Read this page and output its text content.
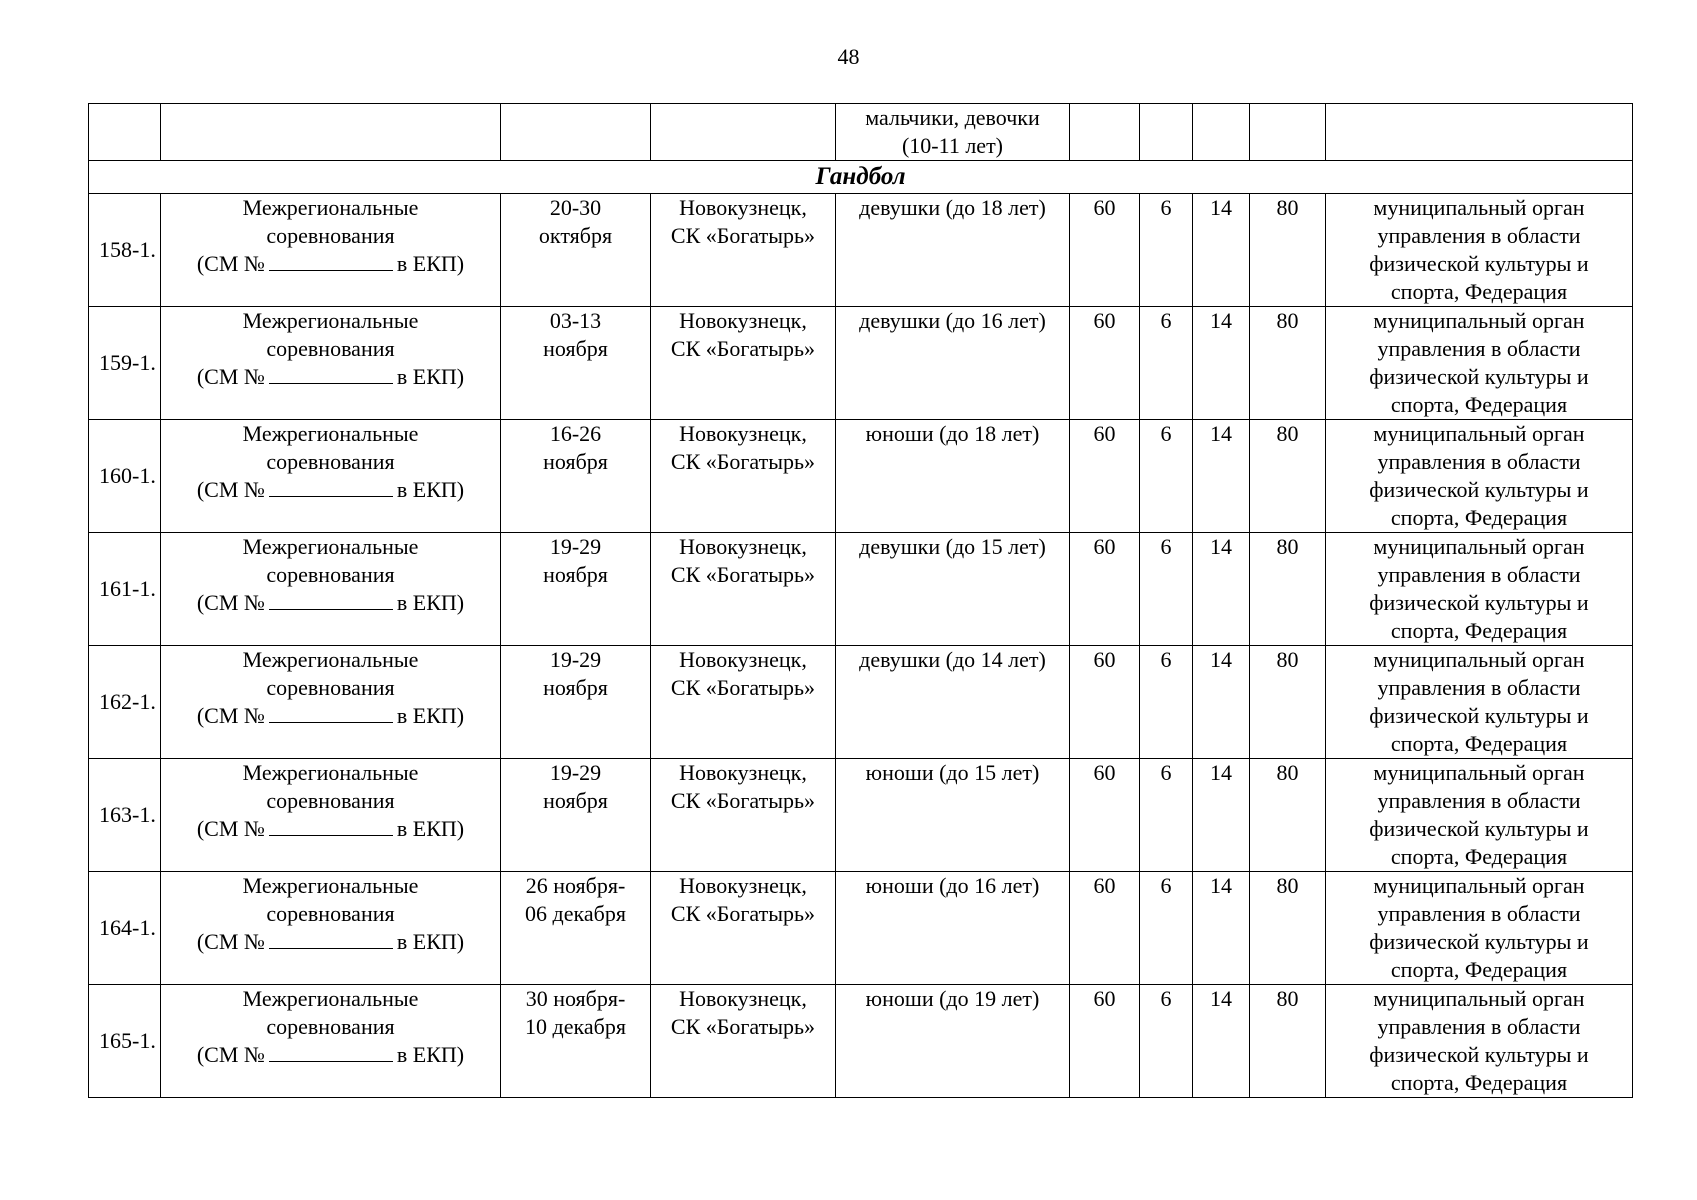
48

				мальчики, девочки
(10-11 лет)					

Гандбол									
158-1.	Межрегиональные
соревнования
(СМ № в ЕКП)	20-30
октября	Новокузнецк,
СК «Богатырь»	девушки (до 18 лет)	60	6	14	80	муниципальный орган
управления в области
физической культуры и
спорта, Федерация

159-1.	Межрегиональные
соревнования
(СМ № в ЕКП)	03-13
ноября	Новокузнецк,
СК «Богатырь»	девушки (до 16 лет)	60	6	14	80	муниципальный орган
управления в области
физической культуры и
спорта, Федерация

160-1.	Межрегиональные
соревнования
(СМ № в ЕКП)	16-26
ноября	Новокузнецк,
СК «Богатырь»	юноши (до 18 лет)	60	6	14	80	муниципальный орган
управления в области
физической культуры и
спорта, Федерация

161-1.	Межрегиональные
соревнования
(СМ № в ЕКП)	19-29
ноября	Новокузнецк,
СК «Богатырь»	девушки (до 15 лет)	60	6	14	80	муниципальный орган
управления в области
физической культуры и
спорта, Федерация

162-1.	Межрегиональные
соревнования
(СМ № в ЕКП)	19-29
ноября	Новокузнецк,
СК «Богатырь»	девушки (до 14 лет)	60	6	14	80	муниципальный орган
управления в области
физической культуры и
спорта, Федерация

163-1.	Межрегиональные
соревнования
(СМ № в ЕКП)	19-29
ноября	Новокузнецк,
СК «Богатырь»	юноши (до 15 лет)	60	6	14	80	муниципальный орган
управления в области
физической культуры и
спорта, Федерация

164-1.	Межрегиональные
соревнования
(СМ № в ЕКП)	26 ноября-
06 декабря	Новокузнецк,
СК «Богатырь»	юноши (до 16 лет)	60	6	14	80	муниципальный орган
управления в области
физической культуры и
спорта, Федерация

165-1.	Межрегиональные
соревнования
(СМ № в ЕКП)	30 ноября-
10 декабря	Новокузнецк,
СК «Богатырь»	юноши (до 19 лет)	60	6	14	80	муниципальный орган
управления в области
физической культуры и
спорта, Федерация
